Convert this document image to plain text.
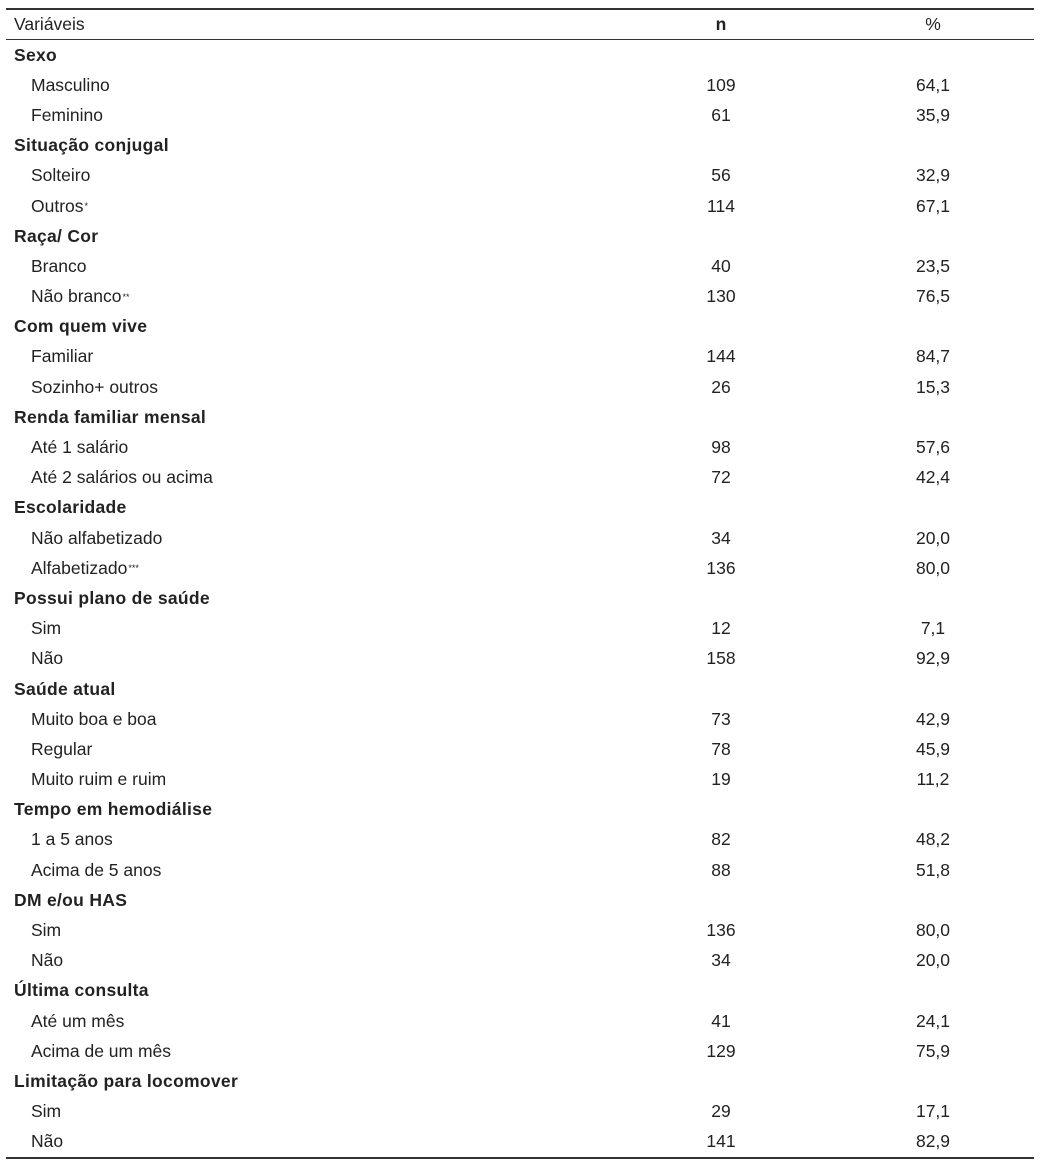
Variáveis	n	%
Sexo
Masculino	109	64,1
Feminino	61	35,9
Situação conjugal
Solteiro	56	32,9
Outros *	114	67,1
Raça/ Cor
Branco	40	23,5
Não branco **	130	76,5
Com quem vive
Familiar	144	84,7
Sozinho+ outros	26	15,3
Renda familiar mensal
Até 1 salário	98	57,6
Até 2 salários ou acima	72	42,4
Escolaridade
Não alfabetizado	34	20,0
Alfabetizado ***	136	80,0
Possui plano de saúde
Sim	12	7,1
Não	158	92,9
Saúde atual
Muito boa e boa	73	42,9
Regular	78	45,9
Muito ruim e ruim	19	11,2
Tempo em hemodiálise
1 a 5 anos	82	48,2
Acima de 5 anos	88	51,8
DM e/ou HAS
Sim	136	80,0
Não	34	20,0
Última consulta
Até um mês	41	24,1
Acima de um mês	129	75,9
Limitação para locomover
Sim	29	17,1
Não	141	82,9
